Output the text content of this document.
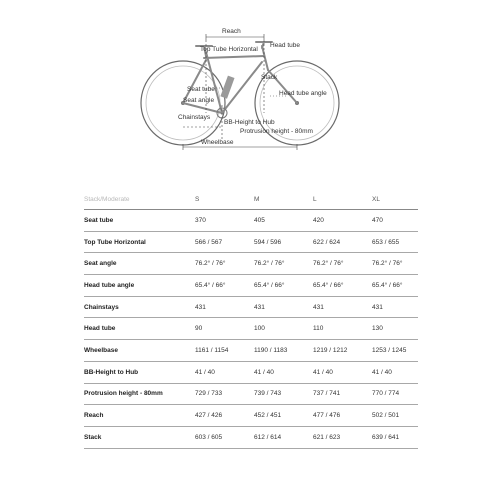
Reach
Head tube
Top Tube Horizontal
Stack
Seat tube
Seat angle
Head tube angle
Chainstays
BB-Height to Hub
Protrusion height - 80mm
Wheelbase
Stack/Moderate	S	M	L	XL
Seat tube	370	405	420	470
Top Tube Horizontal	566 / 567	594 / 596	622 / 624	653 / 655
Seat angle	76.2° / 76°	76.2° / 76°	76.2° / 76°	76.2° / 76°
Head tube angle	65.4° / 66°	65.4° / 66°	65.4° / 66°	65.4° / 66°
Chainstays	431	431	431	431
Head tube	90	100	110	130
Wheelbase	1161 / 1154	1190 / 1183	1219 / 1212	1253 / 1245
BB-Height to Hub	41 / 40	41 / 40	41 / 40	41 / 40
Protrusion height - 80mm	729 / 733	739 / 743	737 / 741	770 / 774
Reach	427 / 426	452 / 451	477 / 476	502 / 501
Stack	603 / 605	612 / 614	621 / 623	639 / 641
